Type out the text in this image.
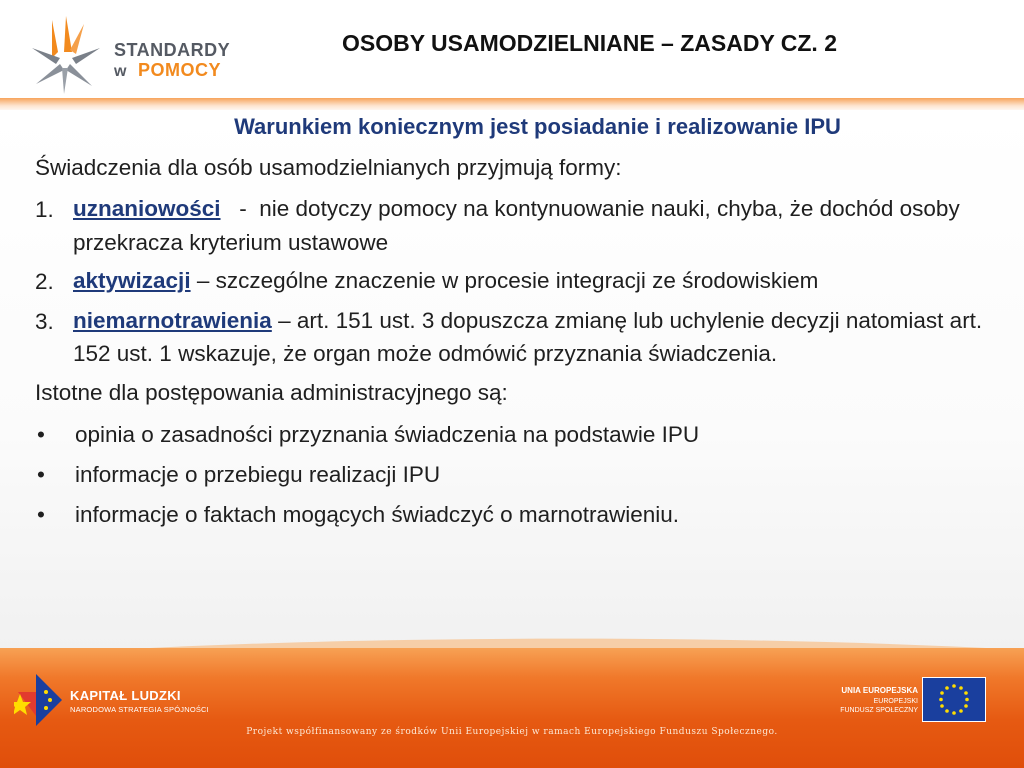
STANDARDY
w POMOCY
OSOBY USAMODZIELNIANE – ZASADY CZ. 2
Warunkiem koniecznym jest posiadanie i realizowanie IPU
Świadczenia dla osób usamodzielnianych przyjmują formy:
1. uznaniowości   -  nie dotyczy pomocy na kontynuowanie nauki, chyba, że dochód osoby przekracza kryterium ustawowe
2. aktywizacji – szczególne znaczenie w procesie integracji ze środowiskiem
3. niemarnotrawienia – art. 151 ust. 3 dopuszcza zmianę lub uchylenie decyzji natomiast art. 152 ust. 1 wskazuje, że organ może odmówić przyznania świadczenia.
Istotne dla postępowania administracyjnego są:
•	opinia o zasadności przyznania świadczenia na podstawie IPU
•	informacje o przebiegu realizacji IPU
•	informacje o faktach mogących świadczyć o marnotrawieniu.
KAPITAŁ LUDZKI
NARODOWA STRATEGIA SPÓJNOŚCI
UNIA EUROPEJSKA
EUROPEJSKI
FUNDUSZ SPOŁECZNY
Projekt współfinansowany ze środków Unii Europejskiej w ramach Europejskiego Funduszu Społecznego.
